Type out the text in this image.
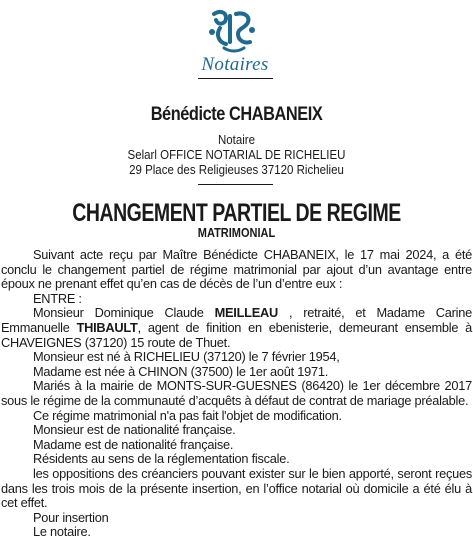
Notaires
Bénédicte CHABANEIX
Notaire
Selarl OFFICE NOTARIAL DE RICHELIEU
29 Place des Religieuses 37120 Richelieu
CHANGEMENT PARTIEL DE REGIME
MATRIMONIAL

Suivant acte reçu par Maître Bénédicte CHABANEIX, le 17 mai 2024, a été conclu le changement partiel de régime matrimonial par ajout d’un avantage entre époux ne prenant effet qu’en cas de décès de l’un d’entre eux :

ENTRE :

Monsieur Dominique Claude MEILLEAU , retraité, et Madame Carine Emmanuelle THIBAULT, agent de finition en ebenisterie, demeurant ensemble à CHAVEIGNES (37120) 15 route de Thuet.

Monsieur est né à RICHELIEU (37120) le 7 février 1954,

Madame est née à CHINON (37500) le 1er août 1971.

Mariés à la mairie de MONTS-SUR-GUESNES (86420) le 1er décembre 2017 sous le régime de la communauté d’acquêts à défaut de contrat de mariage préalable.

Ce régime matrimonial n'a pas fait l'objet de modification.

Monsieur est de nationalité française.

Madame est de nationalité française.

Résidents au sens de la réglementation fiscale.

les oppositions des créanciers pouvant exister sur le bien apporté, seront reçues dans les trois mois de la présente insertion, en l’office notarial où domicile a été élu à cet effet.

Pour insertion

Le notaire.
